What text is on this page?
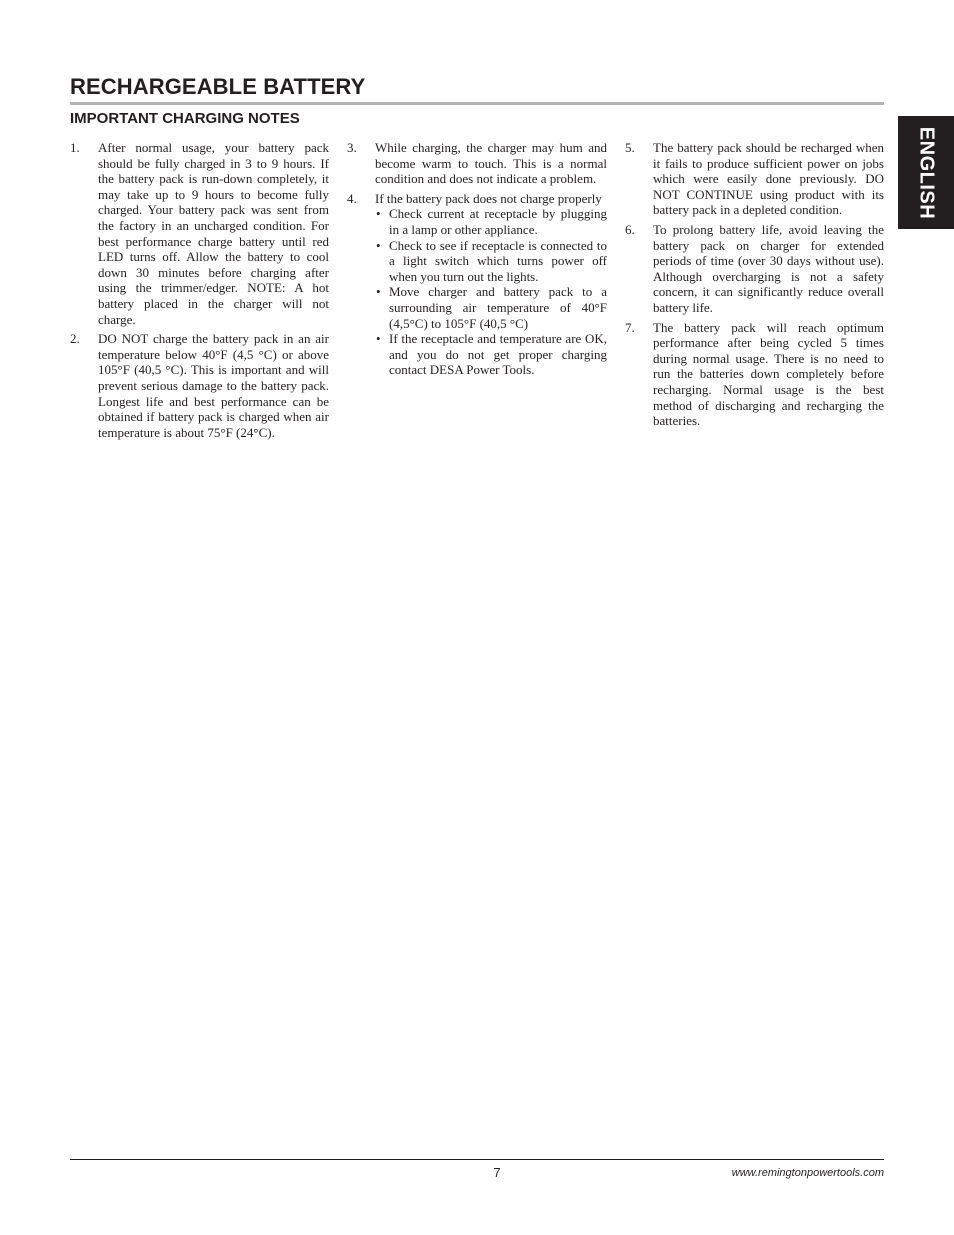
RECHARGEABLE BATTERY
IMPORTANT CHARGING NOTES
ENGLISH
1. After normal usage, your battery pack should be fully charged in 3 to 9 hours. If the battery pack is run-down completely, it may take up to 9 hours to become fully charged. Your battery pack was sent from the factory in an uncharged condition. For best performance charge battery until red LED turns off. Allow the battery to cool down 30 minutes before charging after using the trimmer/edger. NOTE: A hot battery placed in the charger will not charge.
2. DO NOT charge the battery pack in an air temperature below 40°F (4,5 °C) or above 105°F (40,5 °C). This is important and will prevent serious damage to the battery pack. Longest life and best performance can be obtained if battery pack is charged when air temperature is about 75°F (24°C).
3. While charging, the charger may hum and become warm to touch. This is a normal condition and does not indicate a problem.
4. If the battery pack does not charge properly
• Check current at receptacle by plugging in a lamp or other appliance.
• Check to see if receptacle is connected to a light switch which turns power off when you turn out the lights.
• Move charger and battery pack to a surrounding air temperature of 40°F (4,5°C) to 105°F (40,5 °C)
• If the receptacle and temperature are OK, and you do not get proper charging contact DESA Power Tools.
5. The battery pack should be recharged when it fails to produce sufficient power on jobs which were easily done previously. DO NOT CONTINUE using product with its battery pack in a depleted condition.
6. To prolong battery life, avoid leaving the battery pack on charger for extended periods of time (over 30 days without use). Although overcharging is not a safety concern, it can significantly reduce overall battery life.
7. The battery pack will reach optimum performance after being cycled 5 times during normal usage. There is no need to run the batteries down completely before recharging. Normal usage is the best method of discharging and recharging the batteries.
7	www.remingtonpowertools.com
